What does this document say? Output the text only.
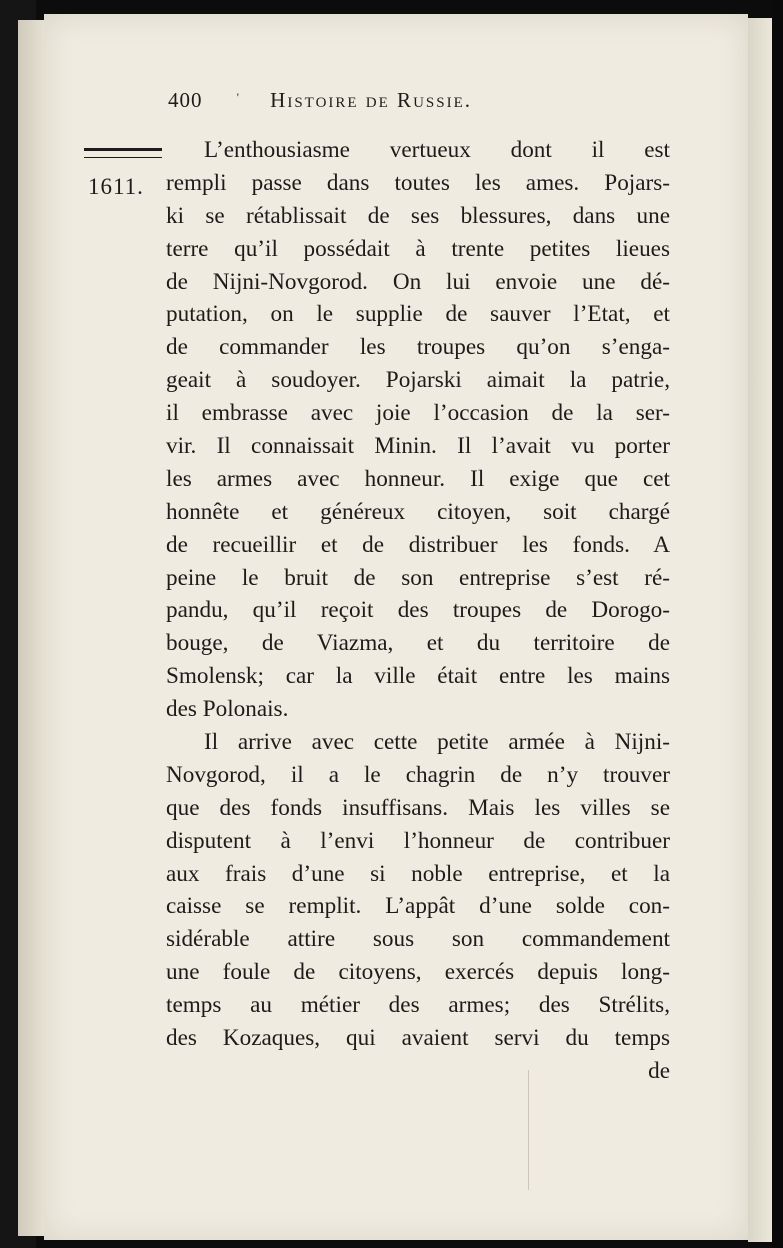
400	' Histoire de Russie.
1611.
L’enthousiasme vertueux dont il est
rempli passe dans toutes les ames. Pojars-
ki se rétablissait de ses blessures, dans une
terre qu’il possédait à trente petites lieues
de Nijni-Novgorod. On lui envoie une dé-
putation, on le supplie de sauver l’Etat, et
de commander les troupes qu’on s’enga-
geait à soudoyer. Pojarski aimait la patrie,
il embrasse avec joie l’occasion de la ser-
vir. Il connaissait Minin. Il l’avait vu porter
les armes avec honneur. Il exige que cet
honnête et généreux citoyen, soit chargé
de recueillir et de distribuer les fonds. A
peine le bruit de son entreprise s’est ré-
pandu, qu’il reçoit des troupes de Dorogo-
bouge, de Viazma, et du territoire de
Smolensk; car la ville était entre les mains
des Polonais.
Il arrive avec cette petite armée à Nijni-
Novgorod, il a le chagrin de n’y trouver
que des fonds insuffisans. Mais les villes se
disputent à l’envi l’honneur de contribuer
aux frais d’une si noble entreprise, et la
caisse se remplit. L’appât d’une solde con-
sidérable attire sous son commandement
une foule de citoyens, exercés depuis long-
temps au métier des armes; des Strélits,
des Kozaques, qui avaient servi du temps
de
